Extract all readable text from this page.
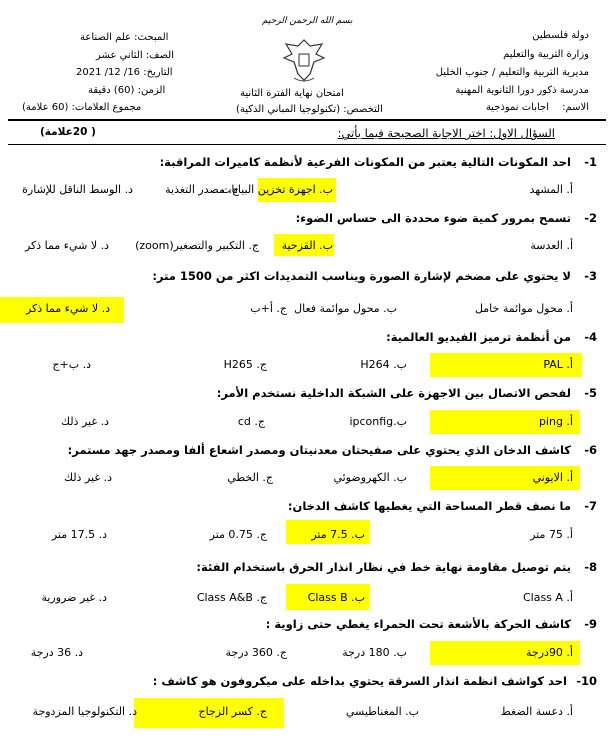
بسم الله الرحمن الرحيم
دولة فلسطين
وزارة التربية والتعليم
مديرية التربية والتعليم / جنوب الخليل
مدرسة ذكور دورا الثانوية المهنية
المبحث: علم الصناعة
الصف: الثاني عشر
التاريخ: 16/ 12/ 2021
الزمن: (60) دقيقة
الاسم:
اجابات نموذجية
امتحان نهاية الفترة الثانية
التخصص: (تكنولوجيا المباني الذكية)
مجموع العلامات: (60 علامة)
السؤال الاول: اختر الاجابة الصحيحة فيما يأتي:
( 20علامة)
1-
احد المكونات التالية يعتبر من المكونات الفرعية لأنظمة كاميرات المراقبة:
أ. المشهد
ب. اجهزة تخزين البيانات
ج. مصدر التغذية
د. الوسط الناقل للإشارة
2-
تسمح بمرور كمية ضوء محددة الى حساس الضوء:
أ. العدسة
ب. القزحية
ج. التكبير والتصغير(zoom)
د. لا شيء مما ذكر
3-
لا يحتوي على مضخم لإشارة الصورة ويناسب التمديدات اكثر من 1500 متر:
أ. محول موائمة خامل
ب. محول موائمة فعال
ج. أ+ب
د. لا شيء مما ذكر
4-
من أنظمة ترميز الفيديو العالمية:
أ. PAL
ب. H264
ج. H265
د. ب+ج
5-
لفحص الاتصال بين الاجهزة على الشبكة الداخلية نستخدم الأمر:
أ. ping
ب.ipconfig
ج. cd
د. غير ذلك
6-
كاشف الدخان الذي يحتوي على صفيحتان معدنيتان ومصدر اشعاع ألفا ومصدر جهد مستمر:
أ. الايوني
ب. الكهروضوئي
ج. الخطي
د. غير ذلك
7-
ما نصف قطر المساحة التي يغطيها كاشف الدخان:
أ. 75 متر
ب. 7.5 متر
ج. 0.75 متر
د. 17.5 متر
8-
يتم توصيل مقاومة نهاية خط في نظار انذار الحرق باستخدام الفئة:
أ. Class A
ب. Class B
ج. Class A&B
د. غير ضرورية
9-
كاشف الحركة بالأشعة تحت الحمراء يغطي حتى زاوية :
أ. 90درجة
ب. 180 درجة
ج. 360 درجة
د. 36 درجة
10-
احد كواشف انظمة انذار السرقة يحتوي بداخله على ميكروفون هو كاشف :
أ. دعسة الضغط
ب. المغناطيسي
ج. كسر الزجاج
د. التكنولوجيا المزدوجة
